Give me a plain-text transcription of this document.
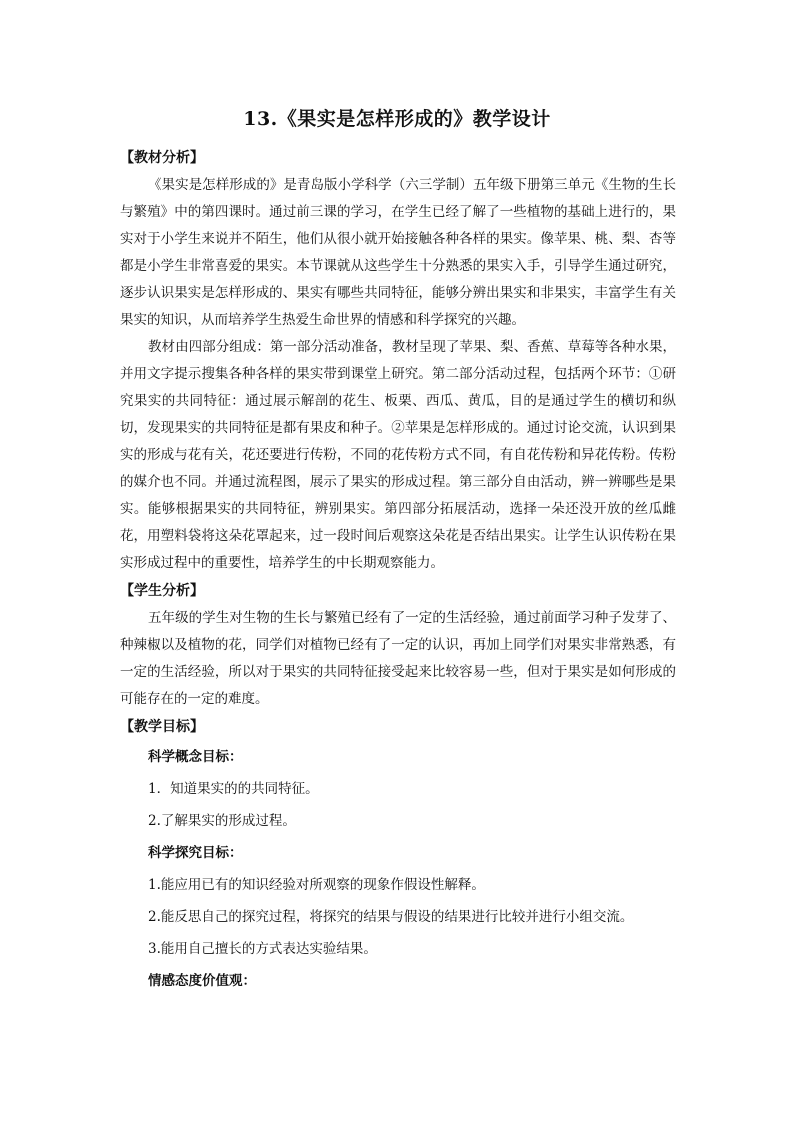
13.《果实是怎样形成的》教学设计

【教材分析】

《果实是怎样形成的》是青岛版小学科学（六三学制）五年级下册第三单元《生物的生长与繁殖》中的第四课时。通过前三课的学习，在学生已经了解了一些植物的基础上进行的，果实对于小学生来说并不陌生，他们从很小就开始接触各种各样的果实。像苹果、桃、梨、杏等都是小学生非常喜爱的果实。本节课就从这些学生十分熟悉的果实入手，引导学生通过研究，逐步认识果实是怎样形成的、果实有哪些共同特征，能够分辨出果实和非果实，丰富学生有关果实的知识，从而培养学生热爱生命世界的情感和科学探究的兴趣。

教材由四部分组成：第一部分活动准备，教材呈现了苹果、梨、香蕉、草莓等各种水果，并用文字提示搜集各种各样的果实带到课堂上研究。第二部分活动过程，包括两个环节：①研究果实的共同特征：通过展示解剖的花生、板栗、西瓜、黄瓜，目的是通过学生的横切和纵切，发现果实的共同特征是都有果皮和种子。②苹果是怎样形成的。通过讨论交流，认识到果实的形成与花有关，花还要进行传粉，不同的花传粉方式不同，有自花传粉和异花传粉。传粉的媒介也不同。并通过流程图，展示了果实的形成过程。第三部分自由活动，辨一辨哪些是果实。能够根据果实的共同特征，辨别果实。第四部分拓展活动，选择一朵还没开放的丝瓜雌花，用塑料袋将这朵花罩起来，过一段时间后观察这朵花是否结出果实。让学生认识传粉在果实形成过程中的重要性，培养学生的中长期观察能力。

【学生分析】

五年级的学生对生物的生长与繁殖已经有了一定的生活经验，通过前面学习种子发芽了、种辣椒以及植物的花，同学们对植物已经有了一定的认识，再加上同学们对果实非常熟悉，有一定的生活经验，所以对于果实的共同特征接受起来比较容易一些，但对于果实是如何形成的可能存在的一定的难度。

【教学目标】

科学概念目标：

1．知道果实的的共同特征。

2.了解果实的形成过程。

科学探究目标：

1.能应用已有的知识经验对所观察的现象作假设性解释。

2.能反思自己的探究过程，将探究的结果与假设的结果进行比较并进行小组交流。

3.能用自己擅长的方式表达实验结果。

情感态度价值观：
